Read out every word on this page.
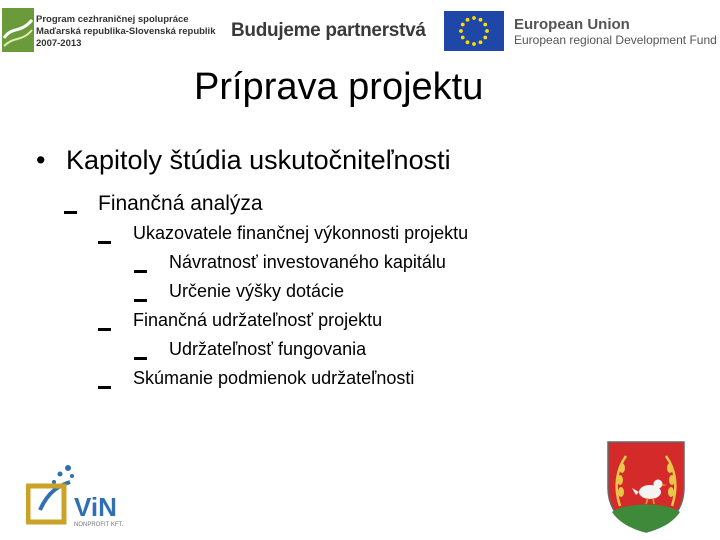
Program cezhraničnej spolupráce
Maďarská republika-Slovenská republik
2007-2013
Budujeme partnerstvá	European Union
European regional Development Fund
Príprava projektu
• Kapitoly štúdia uskutočniteľnosti
Finančná analýza
Ukazovatele finančnej výkonnosti projektu
Návratnosť investovaného kapitálu
Určenie výšky dotácie
Finančná udržateľnosť projektu
Udržateľnosť fungovania
Skúmanie podmienok udržateľnosti
ViN
NONPROFIT KFT.
